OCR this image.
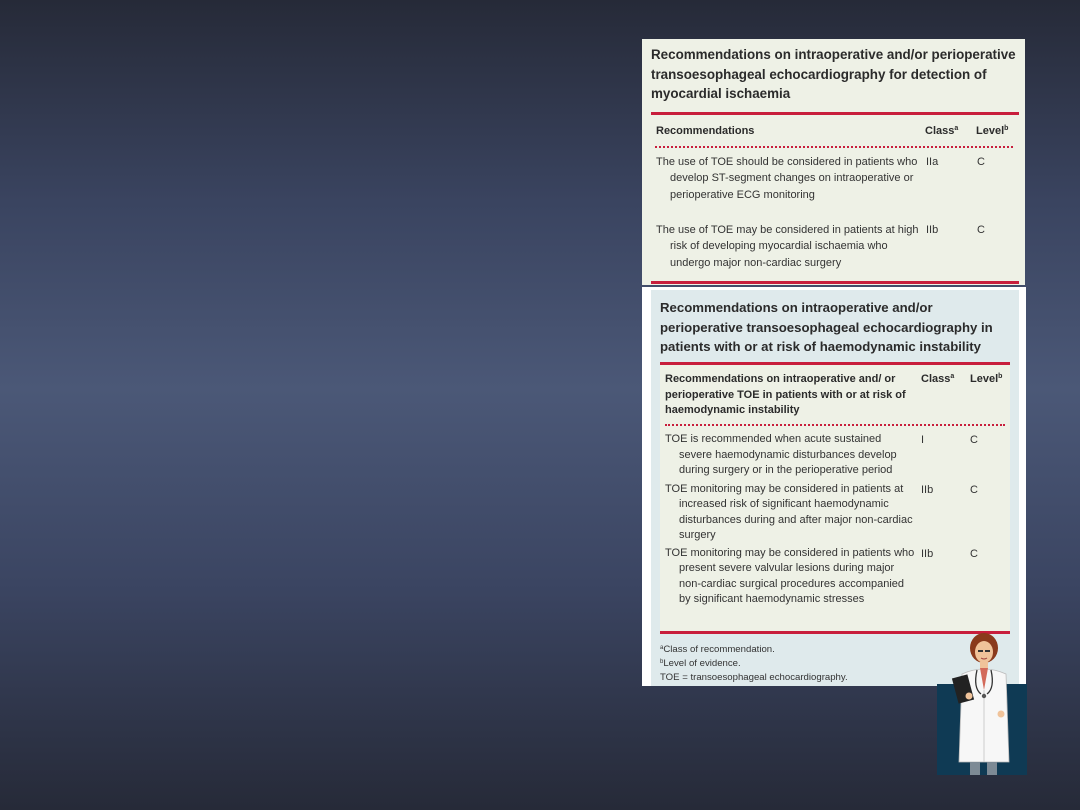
Recommendations on intraoperative and/or perioperative transoesophageal echocardiography for detection of myocardial ischaemia
Recommendations	Class$^a$ Level$^b$
The use of TOE should be considered in patients who develop ST-segment changes on intraoperative or perioperative ECG monitoring
IIa	C
The use of TOE may be considered in patients at high risk of developing myocardial ischaemia who undergo major non-cardiac surgery
IIb	C
Recommendations on intraoperative and/or perioperative transoesophageal echocardiography in patients with or at risk of haemodynamic instability
Recommendations on intraoperative and/ or perioperative TOE in patients with or at risk of haemodynamic instability
Class$^a$ Level$^b$
TOE is recommended when acute sustained severe haemodynamic disturbances develop during surgery or in the perioperative period
I	C
TOE monitoring may be considered in patients at increased risk of significant haemodynamic disturbances during and after major non-cardiac surgery
IIb	C
TOE monitoring may be considered in patients who present severe valvular lesions during major non-cardiac surgical procedures accompanied by significant haemodynamic stresses
IIb	C
$^a$Class of recommendation.
$^b$Level of evidence.
TOE = transoesophageal echocardiography.
